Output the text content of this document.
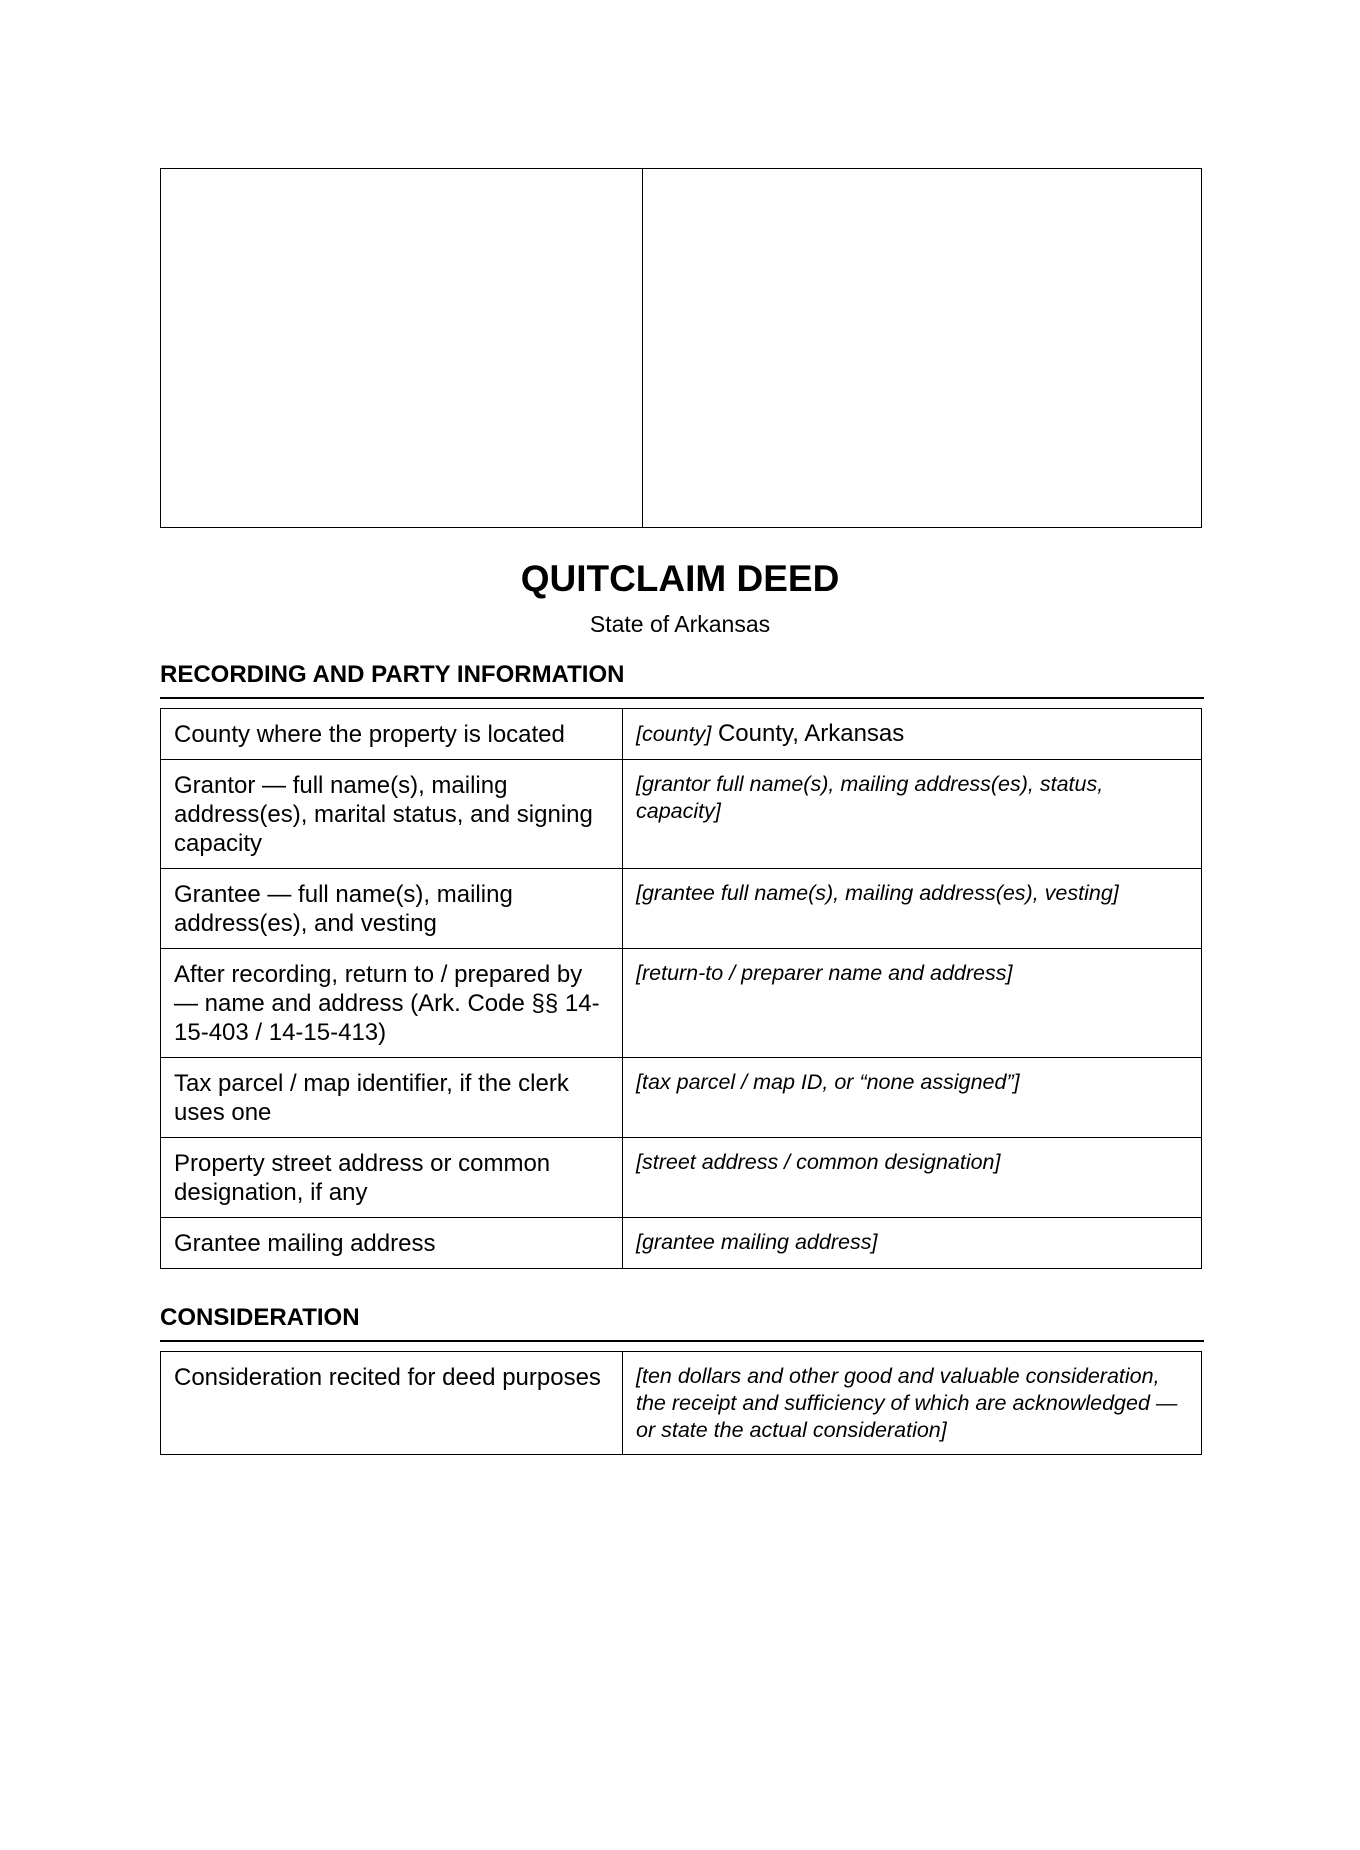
QUITCLAIM DEED
State of Arkansas
RECORDING AND PARTY INFORMATION
County where the property is located	[county] County, Arkansas
Grantor — full name(s), mailing address(es), marital status, and signing capacity	[grantor full name(s), mailing address(es), status, capacity]
Grantee — full name(s), mailing address(es), and vesting	[grantee full name(s), mailing address(es), vesting]
After recording, return to / prepared by — name and address (Ark. Code §§ 14-15-403 / 14-15-413)	[return-to / preparer name and address]
Tax parcel / map identifier, if the clerk uses one	[tax parcel / map ID, or “none assigned”]
Property street address or common designation, if any	[street address / common designation]
Grantee mailing address	[grantee mailing address]
CONSIDERATION
Consideration recited for deed purposes	[ten dollars and other good and valuable consideration, the receipt and sufficiency of which are acknowledged — or state the actual consideration]
